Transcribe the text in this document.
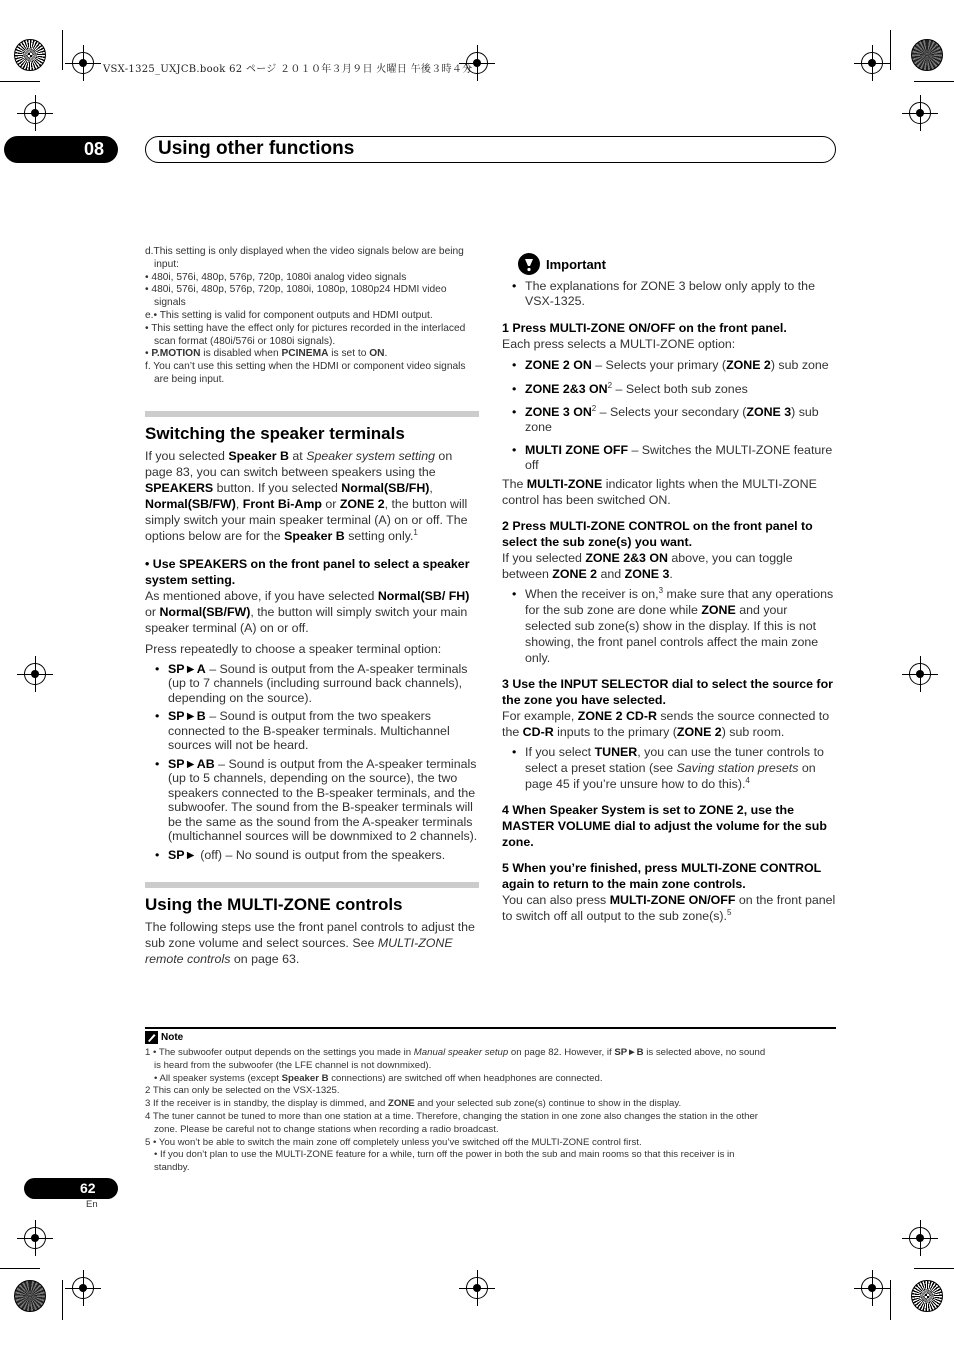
VSX-1325_UXJCB.book 62 ページ ２０１０年３月９日 火曜日 午後３時４分
08	Using other functions

d.This setting is only displayed when the video signals below are being input:

• 480i, 576i, 480p, 576p, 720p, 1080i analog video signals

• 480i, 576i, 480p, 576p, 720p, 1080i, 1080p, 1080p24 HDMI video signals

e.• This setting is valid for component outputs and HDMI output.

• This setting have the effect only for pictures recorded in the interlaced scan format (480i/576i or 1080i signals).

• P.MOTION is disabled when PCINEMA is set to ON.

f. You can’t use this setting when the HDMI or component video signals are being input.

Switching the speaker terminals

If you selected Speaker B at Speaker system setting on page 83, you can switch between speakers using the SPEAKERS button. If you selected Normal(SB/FH), Normal(SB/FW), Front Bi-Amp or ZONE 2, the button will simply switch your main speaker terminal (A) on or off. The options below are for the Speaker B setting only.$^1$

• Use SPEAKERS on the front panel to select a speaker system setting.

As mentioned above, if you have selected Normal(SB/ FH) or Normal(SB/FW), the button will simply switch your main speaker terminal (A) on or off.

Press repeatedly to choose a speaker terminal option:

• SP►A – Sound is output from the A-speaker terminals (up to 7 channels (including surround back channels), depending on the source).
• SP►B – Sound is output from the two speakers connected to the B-speaker terminals. Multichannel sources will not be heard.
• SP►AB – Sound is output from the A-speaker terminals (up to 5 channels, depending on the source), the two speakers connected to the B-speaker terminals, and the subwoofer. The sound from the B-speaker terminals will be the same as the sound from the A-speaker terminals (multichannel sources will be downmixed to 2 channels).
• SP► (off) – No sound is output from the speakers.
Using the MULTI-ZONE controls

The following steps use the front panel controls to adjust the sub zone volume and select sources. See MULTI-ZONE remote controls on page 63.

Important
• The explanations for ZONE 3 below only apply to the VSX-1325.

1 Press MULTI-ZONE ON/OFF on the front panel.

Each press selects a MULTI-ZONE option:

• ZONE 2 ON – Selects your primary (ZONE 2) sub zone
• ZONE 2&3 $ON^2$ – Select both sub zones
• ZONE 3 $ON^2$ – Selects your secondary (ZONE 3) sub zone
• MULTI ZONE OFF – Switches the MULTI-ZONE feature off

The MULTI-ZONE indicator lights when the MULTI-ZONE control has been switched ON.

2 Press MULTI-ZONE CONTROL on the front panel to select the sub zone(s) you want.

If you selected ZONE 2&3 ON above, you can toggle between ZONE 2 and ZONE 3.

• When the receiver is on,$^3$ make sure that any operations for the sub zone are done while ZONE and your selected sub zone(s) show in the display. If this is not showing, the front panel controls affect the main zone only.

3 Use the INPUT SELECTOR dial to select the source for the zone you have selected.

For example, ZONE 2 CD-R sends the source connected to the CD-R inputs to the primary (ZONE 2) sub room.

• If you select TUNER, you can use the tuner controls to select a preset station (see Saving station presets on page 45 if you’re unsure how to do this).$^4$

4 When Speaker System is set to ZONE 2, use the MASTER VOLUME dial to adjust the volume for the sub zone.

5 When you’re finished, press MULTI-ZONE CONTROL again to return to the main zone controls.

You can also press MULTI-ZONE ON/OFF on the front panel to switch off all output to the sub zone(s).$^5$

Note

1 • The subwoofer output depends on the settings you made in Manual speaker setup on page 82. However, if SP►B is selected above, no sound

is heard from the subwoofer (the LFE channel is not downmixed).

• All speaker systems (except Speaker B connections) are switched off when headphones are connected.

2 This can only be selected on the VSX-1325.

3 If the receiver is in standby, the display is dimmed, and ZONE and your selected sub zone(s) continue to show in the display.

4 The tuner cannot be tuned to more than one station at a time. Therefore, changing the station in one zone also changes the station in the other

zone. Please be careful not to change stations when recording a radio broadcast.

5 • You won’t be able to switch the main zone off completely unless you’ve switched off the MULTI-ZONE control first.

• If you don’t plan to use the MULTI-ZONE feature for a while, turn off the power in both the sub and main rooms so that this receiver is in

standby.

62
En
